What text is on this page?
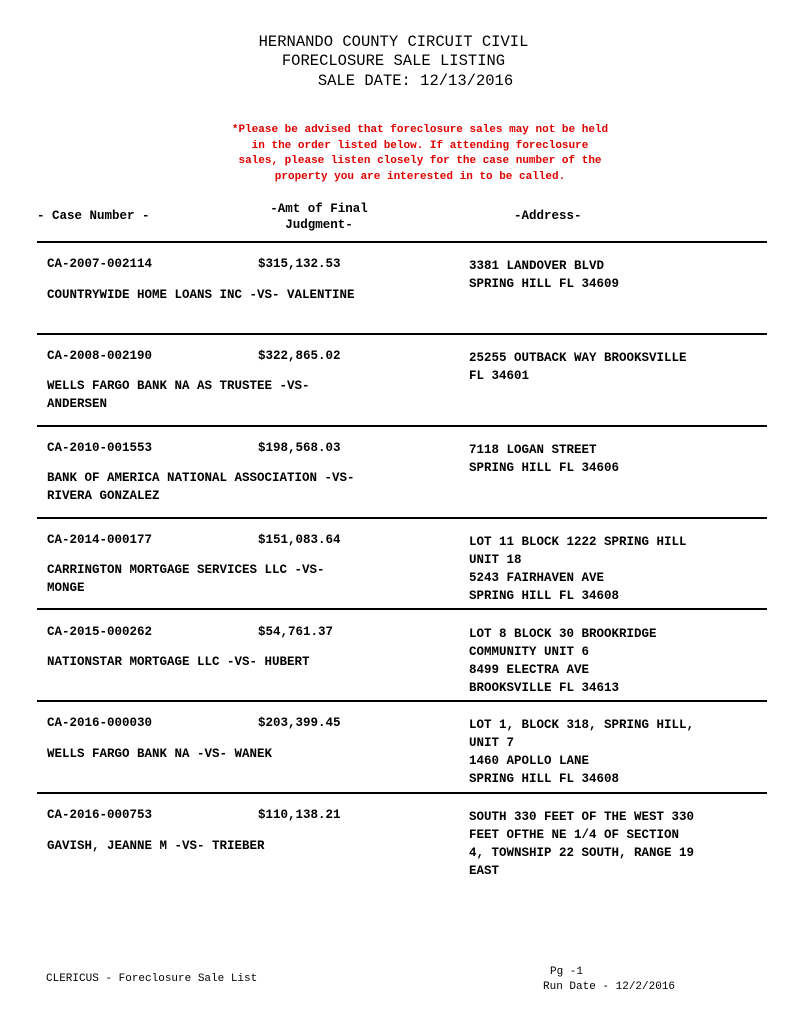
HERNANDO COUNTY CIRCUIT CIVIL
FORECLOSURE SALE LISTING
SALE DATE: 12/13/2016
*Please be advised that foreclosure sales may not be held
in the order listed below. If attending foreclosure
sales, please listen closely for the case number of the
property you are interested in to be called.
- Case Number -	-Amt of Final
Judgment-
-Address-
CA-2007-002114	$315,132.53	3381 LANDOVER BLVD
SPRING HILL FL 34609
COUNTRYWIDE HOME LOANS INC -VS- VALENTINE
CA-2008-002190	$322,865.02	25255 OUTBACK WAY BROOKSVILLE
FL 34601
WELLS FARGO BANK NA AS TRUSTEE -VS-
ANDERSEN
CA-2010-001553	$198,568.03	7118 LOGAN STREET
SPRING HILL FL 34606
BANK OF AMERICA NATIONAL ASSOCIATION -VS-
RIVERA GONZALEZ
CA-2014-000177	$151,083.64	LOT 11 BLOCK 1222 SPRING HILL
UNIT 18
5243 FAIRHAVEN AVE
SPRING HILL FL 34608
CARRINGTON MORTGAGE SERVICES LLC -VS-
MONGE
CA-2015-000262	$54,761.37	LOT 8 BLOCK 30 BROOKRIDGE
COMMUNITY UNIT 6
8499 ELECTRA AVE
BROOKSVILLE FL 34613
NATIONSTAR MORTGAGE LLC -VS- HUBERT
CA-2016-000030	$203,399.45	LOT 1, BLOCK 318, SPRING HILL,
UNIT 7
1460 APOLLO LANE
SPRING HILL FL 34608
WELLS FARGO BANK NA -VS- WANEK
CA-2016-000753	$110,138.21	SOUTH 330 FEET OF THE WEST 330
FEET OFTHE NE 1/4 OF SECTION
4, TOWNSHIP 22 SOUTH, RANGE 19
EAST
GAVISH, JEANNE M -VS- TRIEBER
CLERICUS - Foreclosure Sale List
Pg -1
Run Date - 12/2/2016
